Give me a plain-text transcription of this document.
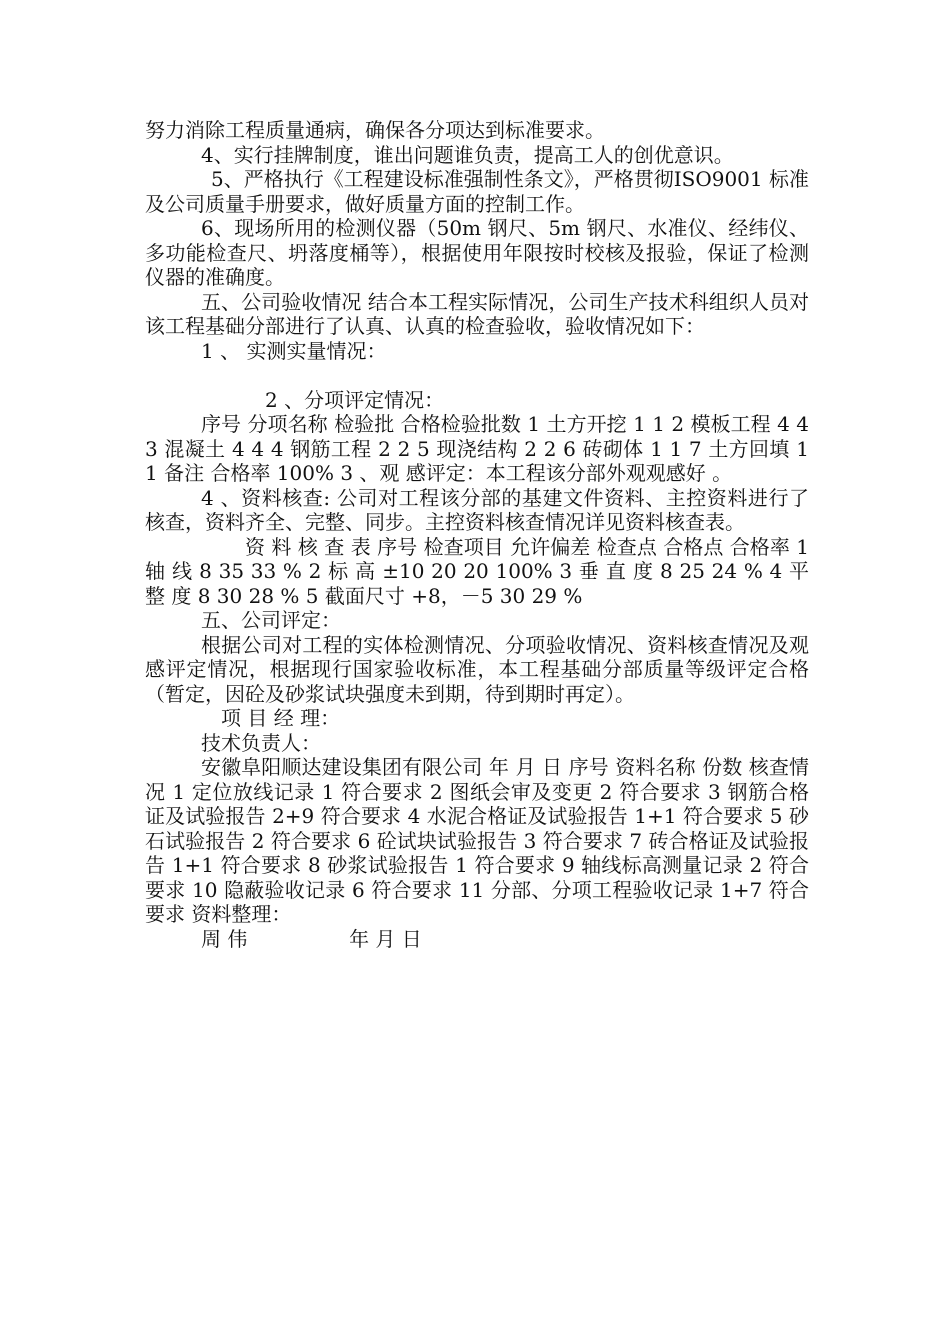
努力消除工程质量通病，确保各分项达到标准要求。

4、实行挂牌制度，谁出问题谁负责，提高工人的创优意识。

5、严格执行《工程建设标准强制性条文》，严格贯彻ISO9001 标准及公司质量手册要求，做好质量方面的控制工作。

6、现场所用的检测仪器（50m 钢尺、5m 钢尺、水准仪、经纬仪、多功能检查尺、坍落度桶等），根据使用年限按时校核及报验，保证了检测仪器的准确度。

五、公司验收情况 结合本工程实际情况，公司生产技术科组织人员对该工程基础分部进行了认真、认真的检查验收，验收情况如下：

1 、 实测实量情况：

2 、分项评定情况：

序号 分项名称 检验批 合格检验批数 1 土方开挖 1 1 2 模板工程 4 4 3 混凝土 4 4 4 钢筋工程 2 2 5 现浇结构 2 2 6 砖砌体 1 1 7 土方回填 1 1 备注 合格率 100% 3 、观 感评定：本工程该分部外观观感好 。

4 、资料核查: 公司对工程该分部的基建文件资料、主控资料进行了核查，资料齐全、完整、同步。主控资料核查情况详见资料核查表。

资 料 核 查 表 序号 检查项目 允许偏差 检查点 合格点 合格率 1 轴 线 8 35 33 % 2 标 高 ±10 20 20 100% 3 垂 直 度 8 25 24 % 4 平 整 度 8 30 28 % 5 截面尺寸 +8，－5 30 29 %

五、公司评定：

根据公司对工程的实体检测情况、分项验收情况、资料核查情况及观感评定情况，根据现行国家验收标准，本工程基础分部质量等级评定合格（暂定，因砼及砂浆试块强度未到期，待到期时再定）。

项 目 经 理：

技术负责人：

安徽阜阳顺达建设集团有限公司 年 月 日 序号 资料名称 份数 核查情况 1 定位放线记录 1 符合要求 2 图纸会审及变更 2 符合要求 3 钢筋合格证及试验报告 2+9 符合要求 4 水泥合格证及试验报告 1+1 符合要求 5 砂石试验报告 2 符合要求 6 砼试块试验报告 3 符合要求 7 砖合格证及试验报告 1+1 符合要求 8 砂浆试验报告 1 符合要求 9 轴线标高测量记录 2 符合要求 10 隐蔽验收记录 6 符合要求 11 分部、分项工程验收记录 1+7 符合要求 资料整理：

周 伟                年 月 日
